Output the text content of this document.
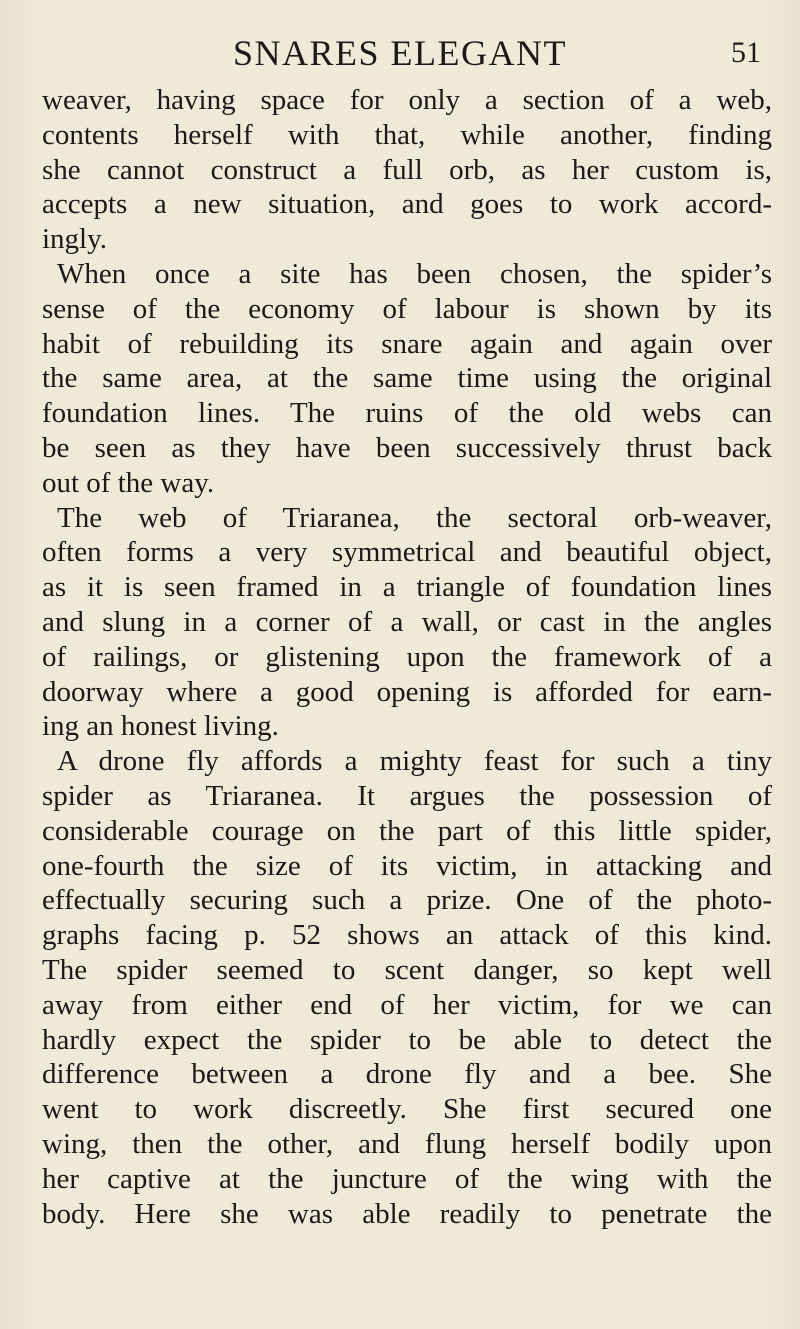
SNARES ELEGANT	51
weaver, having space for only a section of a web,
contents herself with that, while another, finding
she cannot construct a full orb, as her custom is,
accepts a new situation, and goes to work accord-
ingly.
When once a site has been chosen, the spider’s
sense of the economy of labour is shown by its
habit of rebuilding its snare again and again over
the same area, at the same time using the original
foundation lines. The ruins of the old webs can
be seen as they have been successively thrust back
out of the way.
The web of Triaranea, the sectoral orb-weaver,
often forms a very symmetrical and beautiful object,
as it is seen framed in a triangle of foundation lines
and slung in a corner of a wall, or cast in the angles
of railings, or glistening upon the framework of a
doorway where a good opening is afforded for earn-
ing an honest living.
A drone fly affords a mighty feast for such a tiny
spider as Triaranea. It argues the possession of
considerable courage on the part of this little spider,
one-fourth the size of its victim, in attacking and
effectually securing such a prize. One of the photo-
graphs facing p. 52 shows an attack of this kind.
The spider seemed to scent danger, so kept well
away from either end of her victim, for we can
hardly expect the spider to be able to detect the
difference between a drone fly and a bee. She
went to work discreetly. She first secured one
wing, then the other, and flung herself bodily upon
her captive at the juncture of the wing with the
body. Here she was able readily to penetrate the
